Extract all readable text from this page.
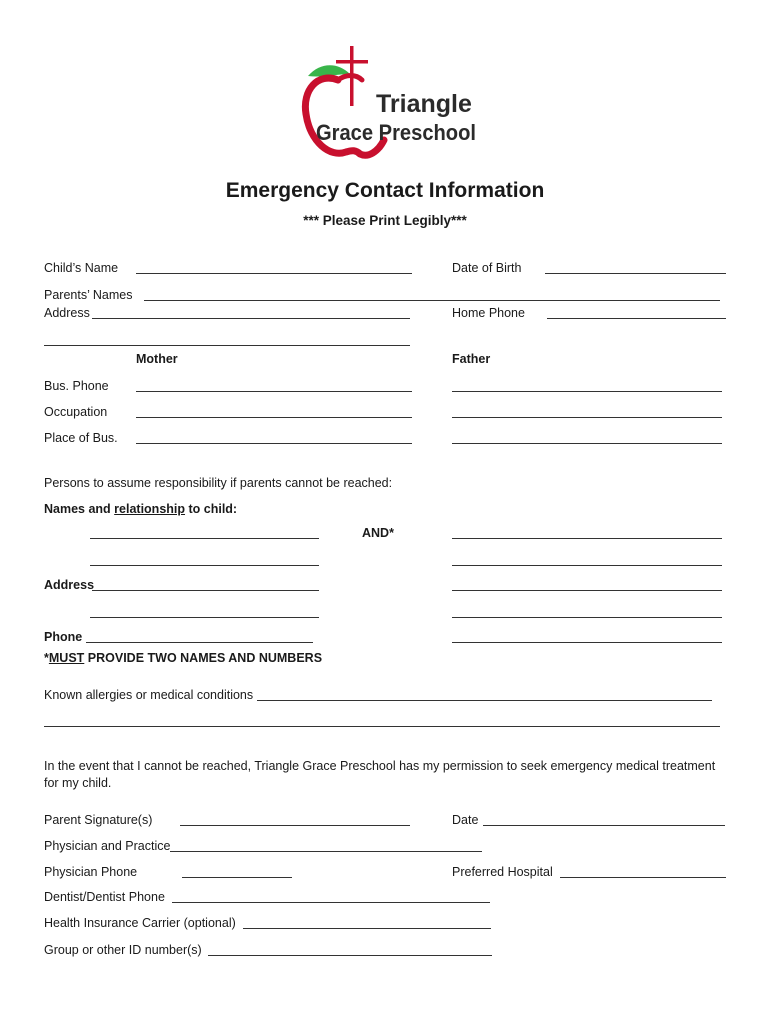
Triangle
Grace Preschool
Emergency Contact Information
*** Please Print Legibly***
Child’s Name	Date of Birth
Parents’ Names
Address	Home Phone
Mother	Father
Bus. Phone
Occupation
Place of Bus.
Persons to assume responsibility if parents cannot be reached:
Names and relationship to child:
AND*
Address
Phone
*MUST PROVIDE TWO NAMES AND NUMBERS
Known allergies or medical conditions
In the event that I cannot be reached, Triangle Grace Preschool has my permission to seek emergency medical treatment
for my child.
Parent Signature(s)	Date
Physician and Practice
Physician Phone	Preferred Hospital
Dentist/Dentist Phone
Health Insurance Carrier (optional)
Group or other ID number(s)
